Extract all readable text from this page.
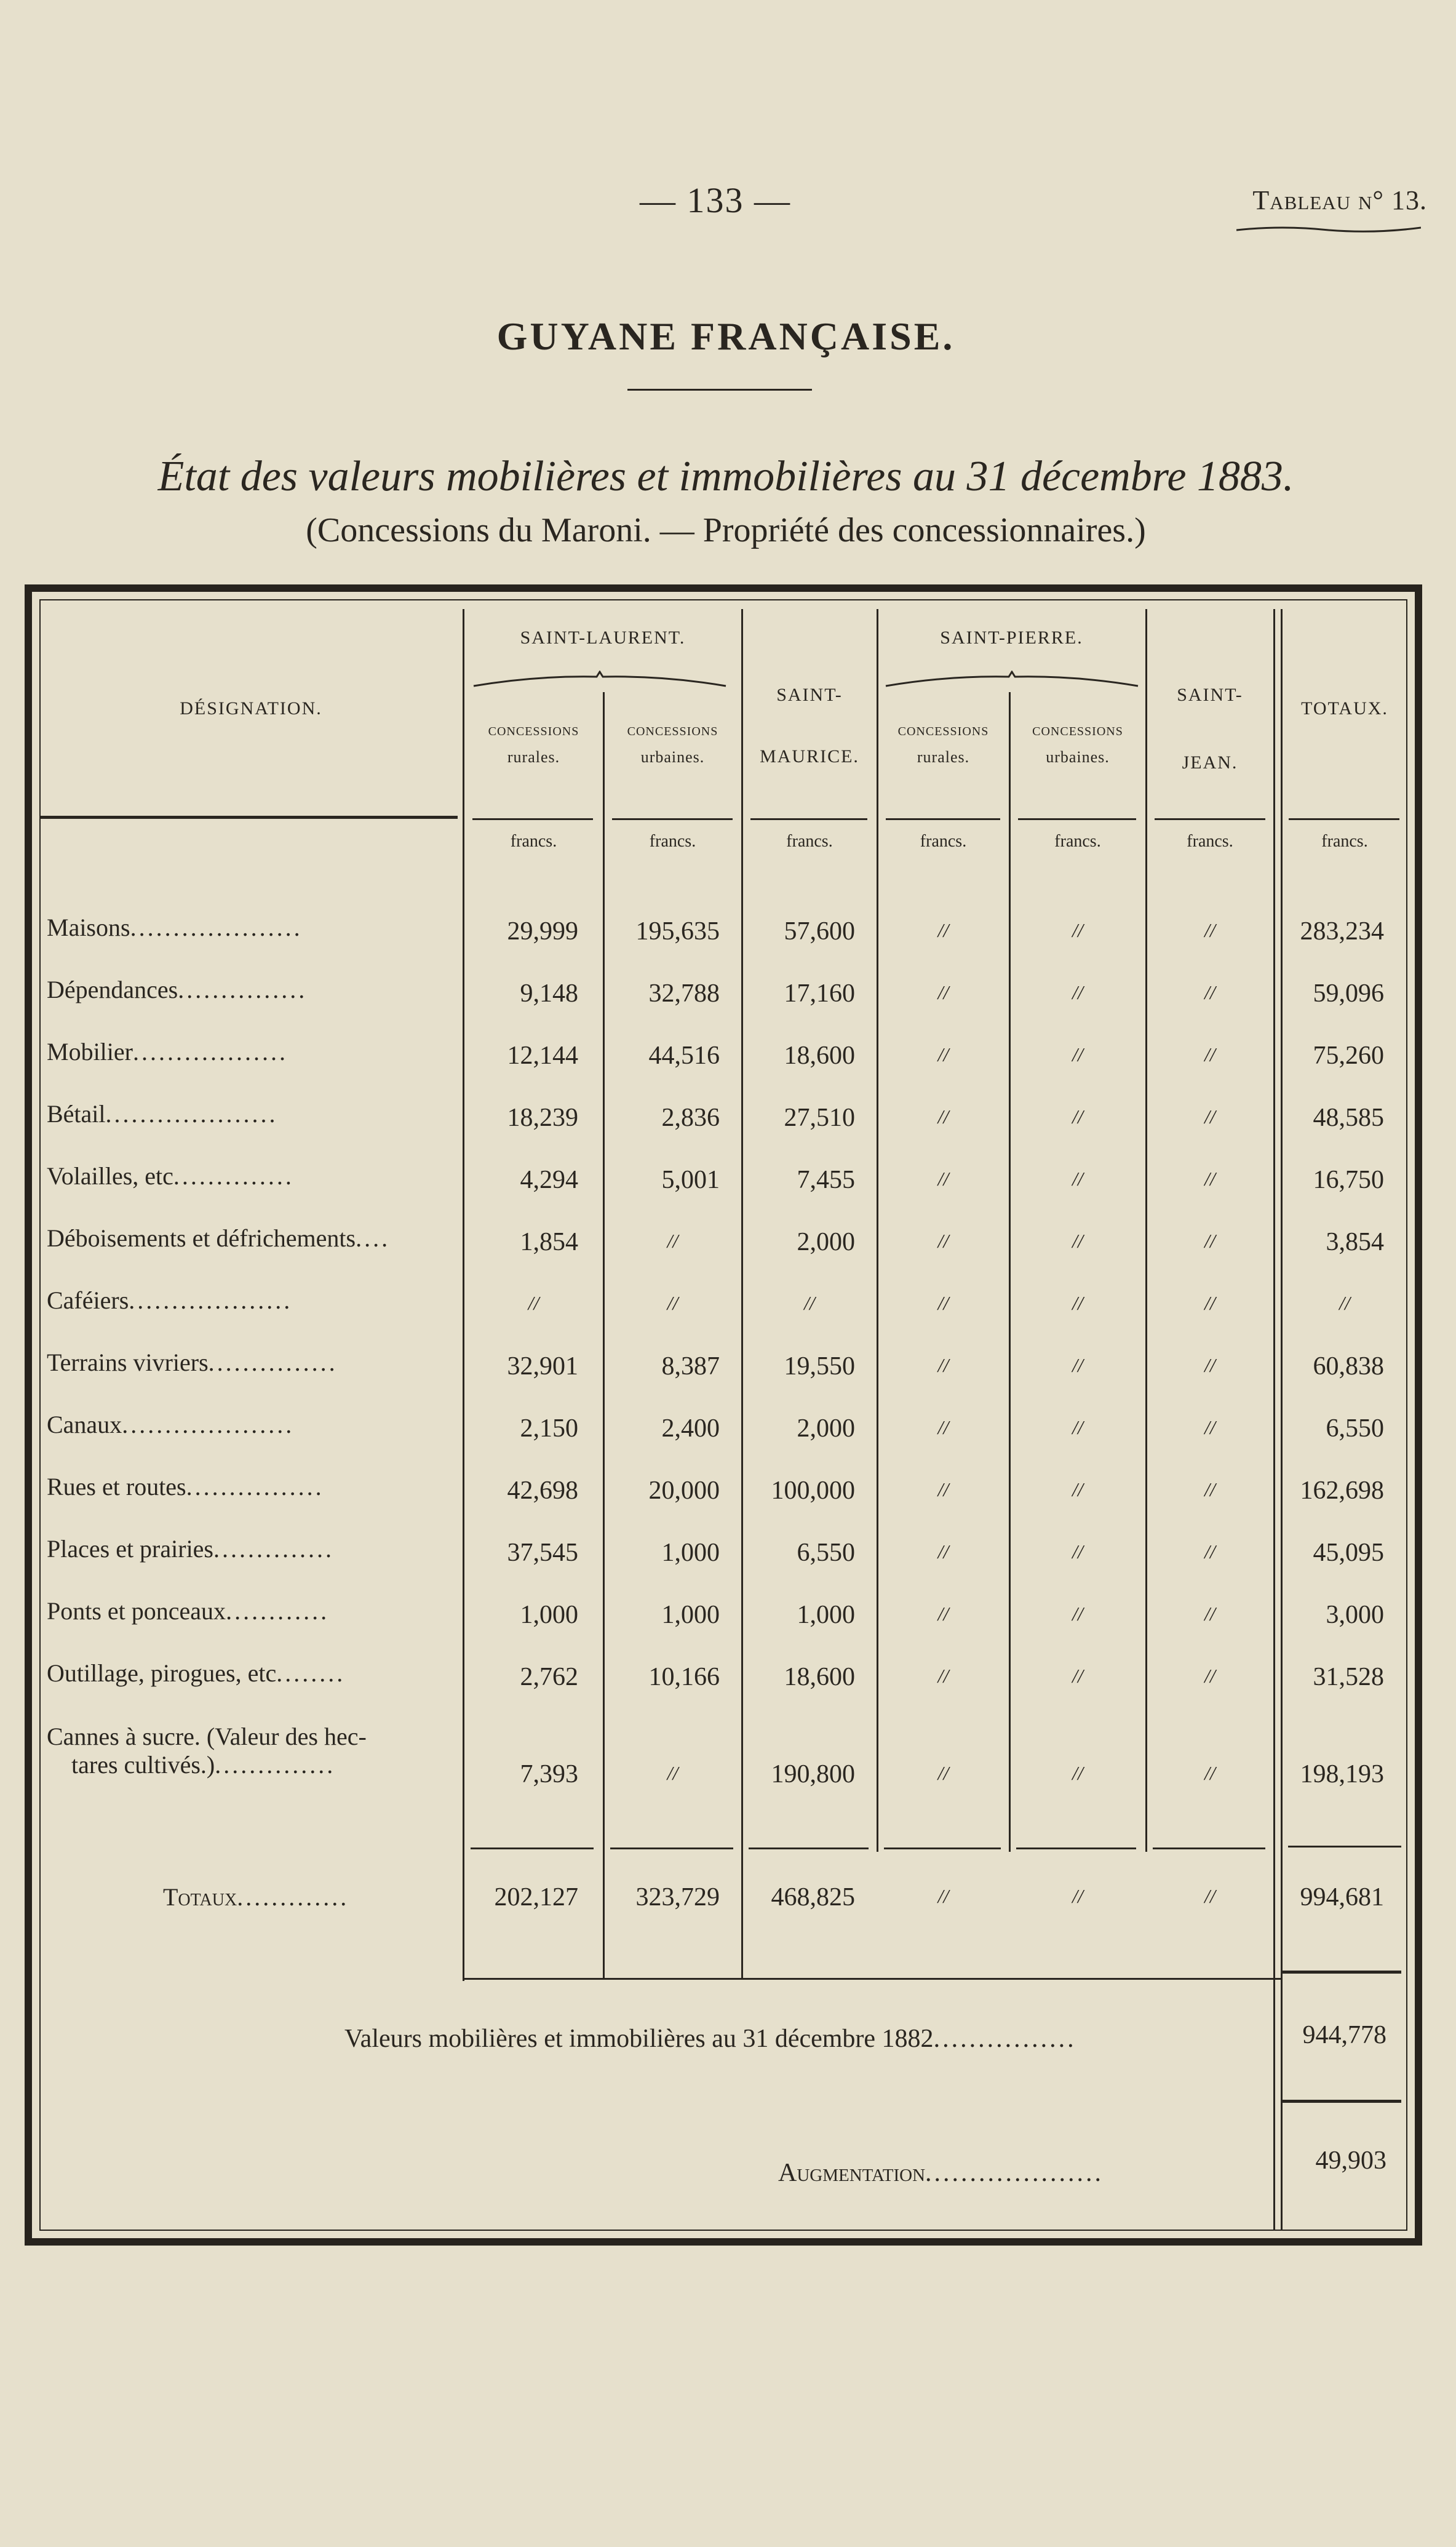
— 133 —	Tableau n° 13.
GUYANE FRANÇAISE.
État des valeurs mobilières et immobilières au 31 décembre 1883.
(Concessions du Maroni. — Propriété des concessionnaires.)
DÉSIGNATION.
SAINT-LAURENT.
CONCESSIONS
rurales.
CONCESSIONS
urbaines.
SAINT-
MAURICE.
SAINT-PIERRE.
CONCESSIONS
rurales.
CONCESSIONS
urbaines.
SAINT-
JEAN.
TOTAUX.
francs.	francs.	francs.	francs.	francs.	francs.	francs.
Maisons....................	29,999	195,635	57,600	//	//	//	283,234
Dépendances...............	9,148	32,788	17,160	//	//	//	59,096
Mobilier..................	12,144	44,516	18,600	//	//	//	75,260
Bétail....................	18,239	2,836	27,510	//	//	//	48,585
Volailles, etc..............	4,294	5,001	7,455	//	//	//	16,750
Déboisements et défrichements....	1,854	//	2,000	//	//	//	3,854
Caféiers...................	//	//	//	//	//	//	//
Terrains vivriers...............	32,901	8,387	19,550	//	//	//	60,838
Canaux....................	2,150	2,400	2,000	//	//	//	6,550
Rues et routes................	42,698	20,000	100,000	//	//	//	162,698
Places et prairies..............	37,545	1,000	6,550	//	//	//	45,095
Ponts et ponceaux............	1,000	1,000	1,000	//	//	//	3,000
Outillage, pirogues, etc........	2,762	10,166	18,600	//	//	//	31,528
Cannes à sucre. (Valeur des hec-
tares cultivés.)..............	7,393	//	190,800	//	//	//	198,193
Totaux.............	202,127	323,729	468,825	//	//	//	994,681
Valeurs mobilières et immobilières au 31 décembre 1882................	944,778
Augmentation....................	49,903
